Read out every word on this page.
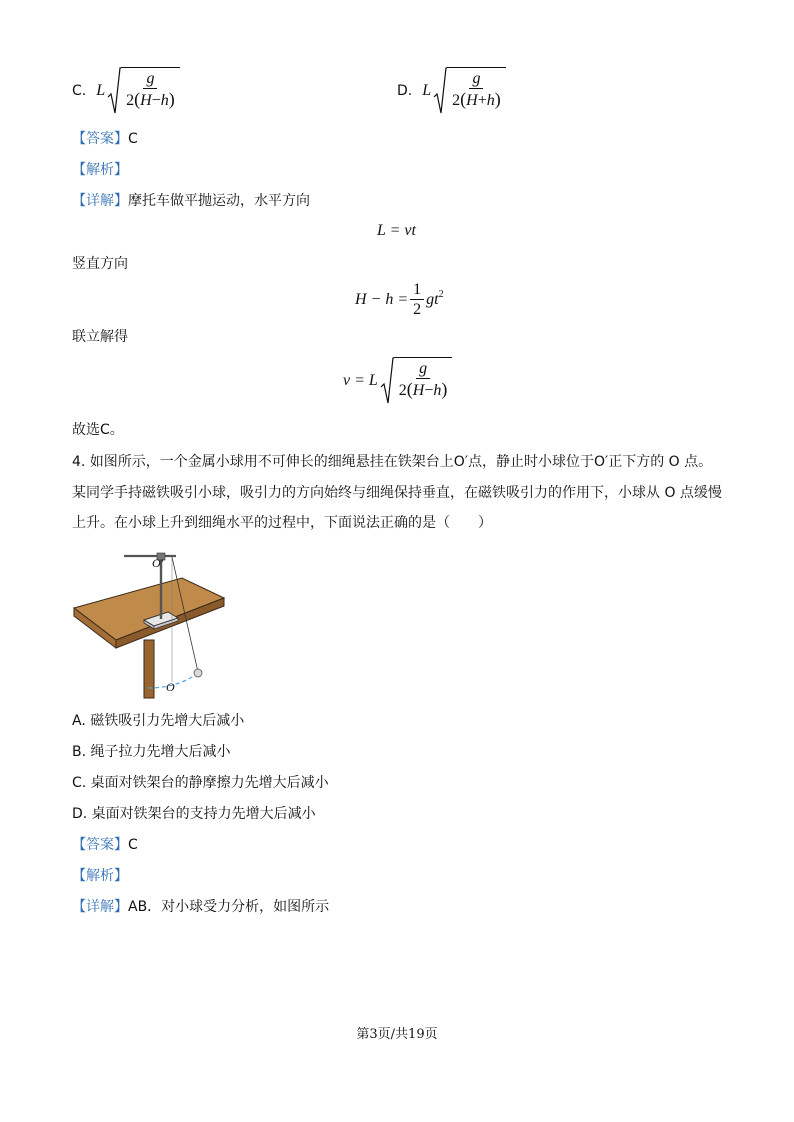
C. L $\frac{g}{2(H-h)}$	D. L $\frac{g}{2(H+h)}$
【答案】C
【解析】
【详解】摩托车做平抛运动，水平方向
L = vt
竖直方向
$H - h = \frac{1}{2} gt^2$
联立解得
v = L $\frac{g}{2(H-h)}$
故选C。
4. 如图所示，一个金属小球用不可伸长的细绳悬挂在铁架台上O′点，静止时小球位于O′正下方的 O 点。
某同学手持磁铁吸引小球，吸引力的方向始终与细绳保持垂直，在磁铁吸引力的作用下，小球从 O 点缓慢
上升。在小球上升到细绳水平的过程中，下面说法正确的是（　　）
O′
O
A. 磁铁吸引力先增大后减小
B. 绳子拉力先增大后减小
C. 桌面对铁架台的静摩擦力先增大后减小
D. 桌面对铁架台的支持力先增大后减小
【答案】C
【解析】
【详解】AB．对小球受力分析，如图所示
第3页/共19页
